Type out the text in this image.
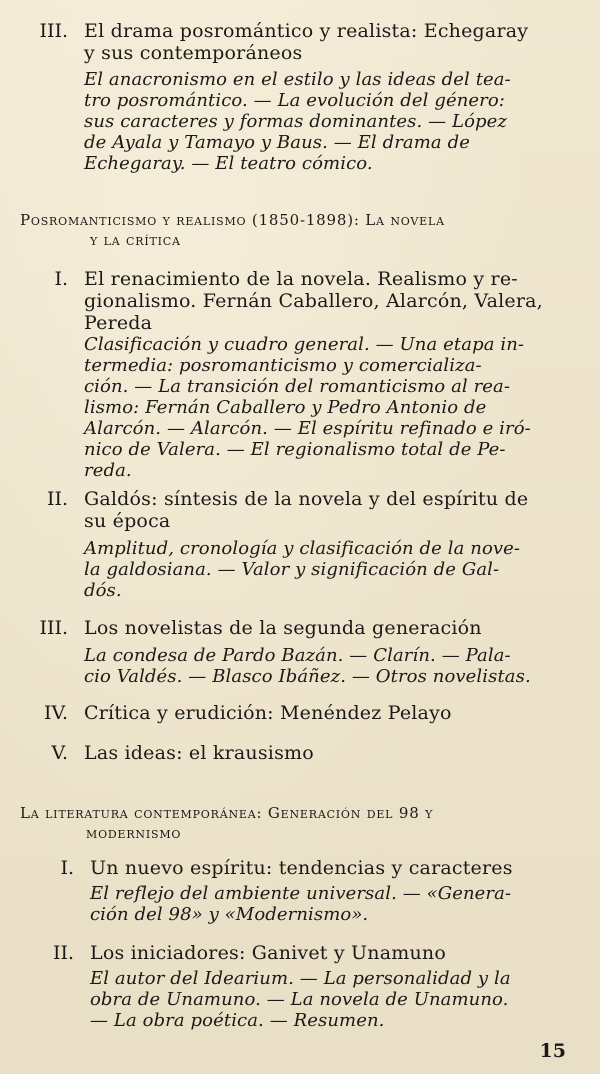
III. El drama posromántico y realista: Echegaray
y sus contemporáneos
El anacronismo en el estilo y las ideas del tea-
tro posromántico. — La evolución del género:
sus caracteres y formas dominantes. — López
de Ayala y Tamayo y Baus. — El drama de
Echegaray. — El teatro cómico.
Posromanticismo y realismo (1850-1898): La novela
y la crítica
I. El renacimiento de la novela. Realismo y re-
gionalismo. Fernán Caballero, Alarcón, Valera,
Pereda
Clasificación y cuadro general. — Una etapa in-
termedia: posromanticismo y comercializa-
ción. — La transición del romanticismo al rea-
lismo: Fernán Caballero y Pedro Antonio de
Alarcón. — Alarcón. — El espíritu refinado e iró-
nico de Valera. — El regionalismo total de Pe-
reda.
II. Galdós: síntesis de la novela y del espíritu de
su época
Amplitud, cronología y clasificación de la nove-
la galdosiana. — Valor y significación de Gal-
dós.
III. Los novelistas de la segunda generación
La condesa de Pardo Bazán. — Clarín. — Pala-
cio Valdés. — Blasco Ibáñez. — Otros novelistas.
IV. Crítica y erudición: Menéndez Pelayo
V. Las ideas: el krausismo
La literatura contemporánea: Generación del 98 y
modernismo
I. Un nuevo espíritu: tendencias y caracteres
El reflejo del ambiente universal. — «Genera-
ción del 98» y «Modernismo».
II. Los iniciadores: Ganivet y Unamuno
El autor del Idearium. — La personalidad y la
obra de Unamuno. — La novela de Unamuno.
— La obra poética. — Resumen.
15
